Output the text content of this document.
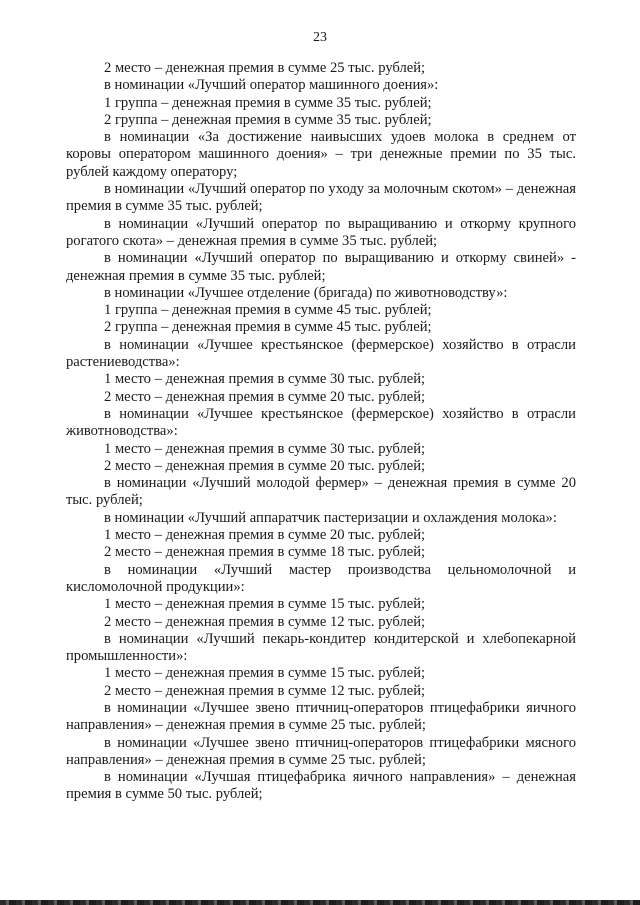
23

2 место – денежная премия в сумме 25 тыс. рублей;

в номинации «Лучший оператор машинного доения»:

1 группа – денежная премия в сумме 35 тыс. рублей;

2 группа – денежная премия в сумме 35 тыс. рублей;

в номинации «За достижение наивысших удоев молока в среднем от коровы оператором машинного доения» – три денежные премии по 35 тыс. рублей каждому оператору;

в номинации «Лучший оператор по уходу за молочным скотом» – денежная премия в сумме 35 тыс. рублей;

в номинации «Лучший оператор по выращиванию и откорму крупного рогатого скота» – денежная премия в сумме 35 тыс. рублей;

в номинации «Лучший оператор по выращиванию и откорму свиней» - денежная премия в сумме 35 тыс. рублей;

в номинации «Лучшее отделение (бригада) по животноводству»:

1 группа – денежная премия в сумме 45 тыс. рублей;

2 группа – денежная премия в сумме 45 тыс. рублей;

в номинации «Лучшее крестьянское (фермерское) хозяйство в отрасли растениеводства»:

1 место – денежная премия в сумме 30 тыс. рублей;

2 место – денежная премия в сумме 20 тыс. рублей;

в номинации «Лучшее крестьянское (фермерское) хозяйство в отрасли животноводства»:

1 место – денежная премия в сумме 30 тыс. рублей;

2 место – денежная премия в сумме 20 тыс. рублей;

в номинации «Лучший молодой фермер» – денежная премия в сумме 20 тыс. рублей;

в номинации «Лучший аппаратчик пастеризации и охлаждения молока»:

1 место – денежная премия в сумме 20 тыс. рублей;

2 место – денежная премия в сумме 18 тыс. рублей;

в номинации «Лучший мастер производства цельномолочной и кисломолочной продукции»:

1 место – денежная премия в сумме 15 тыс. рублей;

2 место – денежная премия в сумме 12 тыс. рублей;

в номинации «Лучший пекарь-кондитер кондитерской и хлебопекарной промышленности»:

1 место – денежная премия в сумме 15 тыс. рублей;

2 место – денежная премия в сумме 12 тыс. рублей;

в номинации «Лучшее звено птичниц-операторов птицефабрики яичного направления» – денежная премия в сумме 25 тыс. рублей;

в номинации «Лучшее звено птичниц-операторов птицефабрики мясного направления» – денежная премия в сумме 25 тыс. рублей;

в номинации «Лучшая птицефабрика яичного направления» – денежная премия в сумме 50 тыс. рублей;
